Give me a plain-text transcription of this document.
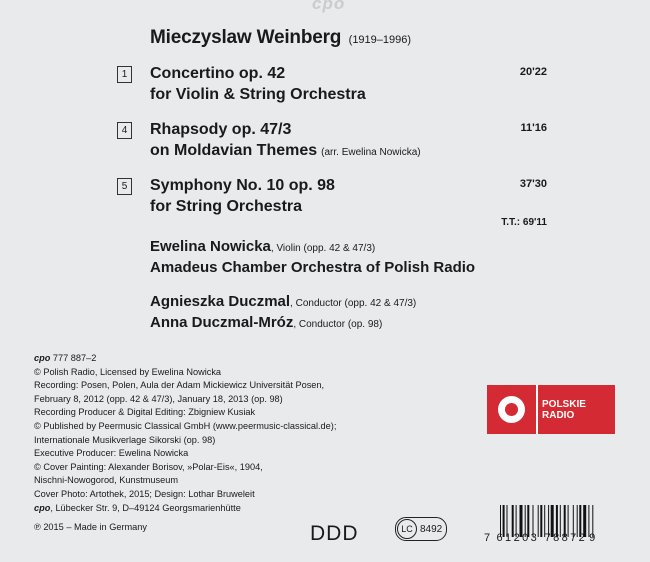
cpo
Mieczyslaw Weinberg (1919–1996)
1 Concertino op. 42
for Violin & String Orchestra
20'22
4 Rhapsody op. 47/3
on Moldavian Themes (arr. Ewelina Nowicka)
11'16
5 Symphony No. 10 op. 98
for String Orchestra
37'30
T.T.: 69'11
Ewelina Nowicka, Violin (opp. 42 & 47/3)
Amadeus Chamber Orchestra of Polish Radio
Agnieszka Duczmal, Conductor (opp. 42 & 47/3)
Anna Duczmal-Mróz, Conductor (op. 98)
cpo 777 887–2
© Polish Radio, Licensed by Ewelina Nowicka
Recording: Posen, Polen, Aula der Adam Mickiewicz Universität Posen,
February 8, 2012 (opp. 42 & 47/3), January 18, 2013 (op. 98)
Recording Producer & Digital Editing: Zbigniew Kusiak
© Published by Peermusic Classical GmbH (www.peermusic-classical.de);
Internationale Musikverlage Sikorski (op. 98)
Executive Producer: Ewelina Nowicka
© Cover Painting: Alexander Borisov, »Polar-Eis«, 1904,
Nischni-Nowogorod, Kunstmuseum
Cover Photo: Artothek, 2015; Design: Lothar Bruweleit
cpo, Lübecker Str. 9, D–49124 Georgsmarienhütte
℗ 2015 – Made in Germany
POLSKIE RADIO
DDD	LC 8492
7 61203 78872 9
